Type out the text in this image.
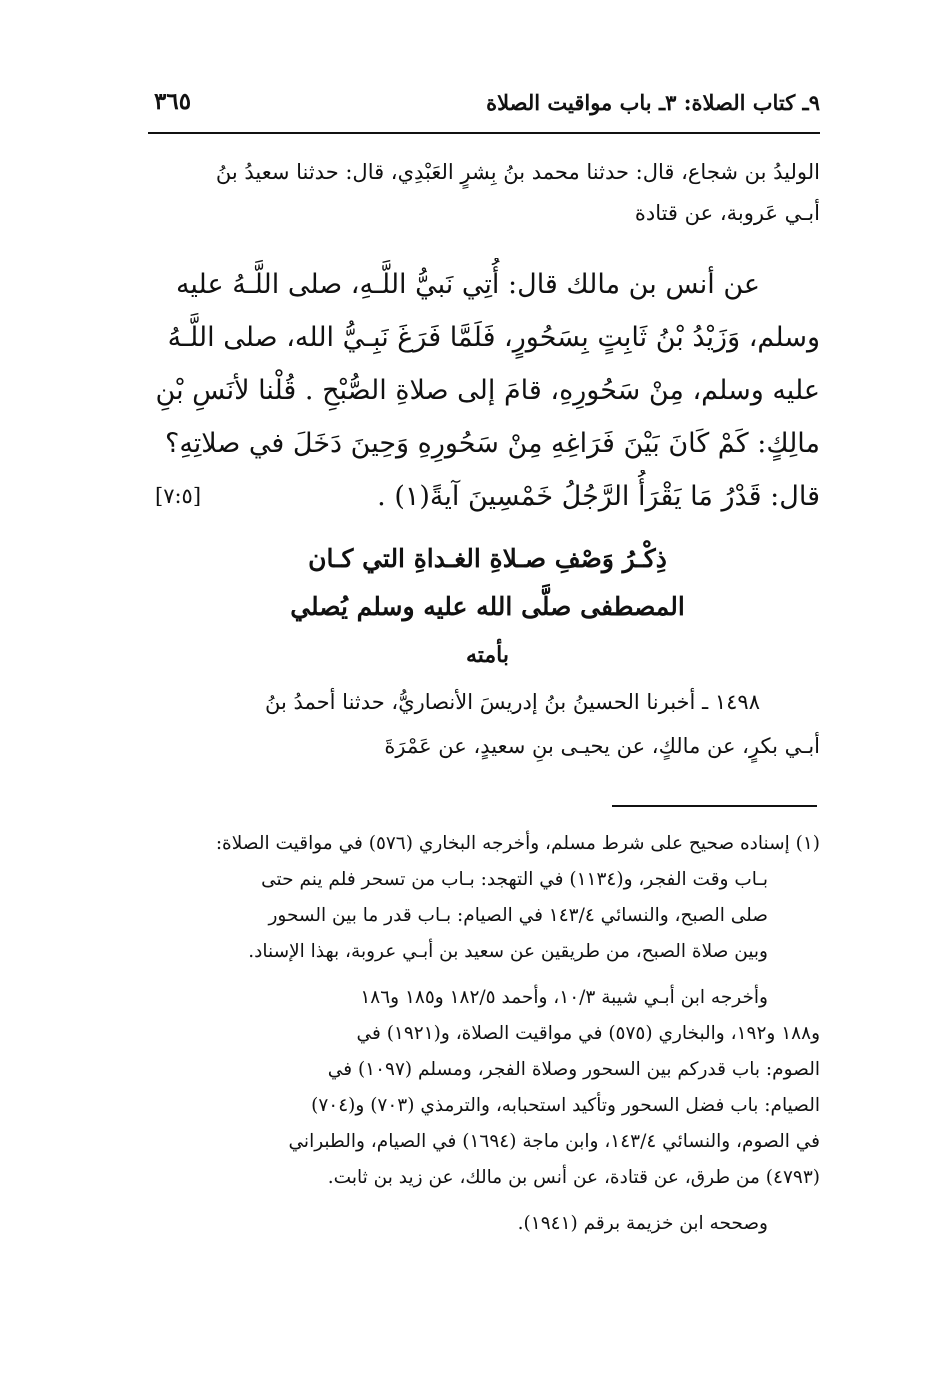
٩ـ كتاب الصلاة: ٣ـ باب مواقيت الصلاة
٣٦٥
الوليدُ بن شجاع، قال: حدثنا محمد بنُ بِشرٍ العَبْدِي، قال: حدثنا سعيدُ بنُ
أبـي عَروبة، عن قتادة
عن أنس بن مالك قال: أُتِي نَبيُّ اللَّـهِ، صلى اللَّـهُ عليه
وسلم، وَزَيْدُ بْنُ ثَابِتٍ بِسَحُورٍ، فَلَمَّا فَرَغَ نَبِـيُّ الله، صلى اللَّـهُ
عليه وسلم، مِنْ سَحُورِهِ، قامَ إلى صلاةِ الصُّبْحِ . قُلْنا لأنَسِ بْنِ
مالِكٍ: كَمْ كَانَ بَيْنَ فَرَاغِهِ مِنْ سَحُورِهِ وَحِينَ دَخَلَ في صلاتِهِ؟
قال: قَدْرُ مَا يَقْرَأُ الرَّجُلُ خَمْسِينَ آيةً(١) .
[٧:٥]
ذِكْـرُ وَصْفِ صـلاةِ الغـداةِ التي كـان
المصطفى صلَّى الله عليه وسلم يُصلي
بأمته
١٤٩٨ ـ أخبرنا الحسينُ بنُ إدريسَ الأنصاريُّ، حدثنا أحمدُ بنُ
أبـي بكرٍ، عن مالكٍ، عن يحيـى بنِ سعيدٍ، عن عَمْرَةَ
(١) إسناده صحيح على شرط مسلم، وأخرجه البخاري (٥٧٦) في مواقيت الصلاة:
بـاب وقت الفجر، و(١١٣٤) في التهجد: بـاب من تسحر فلم ينم حتى
صلى الصبح، والنسائي ١٤٣/٤ في الصيام: بـاب قدر ما بين السحور
وبين صلاة الصبح، من طريقين عن سعيد بن أبـي عروبة، بهذا الإسناد.
وأخرجه ابن أبـي شيبة ١٠/٣، وأحمد ١٨٢/٥ و١٨٥ و١٨٦
و١٨٨ و١٩٢، والبخاري (٥٧٥) في مواقيت الصلاة، و(١٩٢١) في
الصوم: باب قدركم بين السحور وصلاة الفجر، ومسلم (١٠٩٧) في
الصيام: باب فضل السحور وتأكيد استحبابه، والترمذي (٧٠٣) و(٧٠٤)
في الصوم، والنسائي ١٤٣/٤، وابن ماجة (١٦٩٤) في الصيام، والطبراني
(٤٧٩٣) من طرق، عن قتادة، عن أنس بن مالك، عن زيد بن ثابت.
وصححه ابن خزيمة برقم (١٩٤١).
